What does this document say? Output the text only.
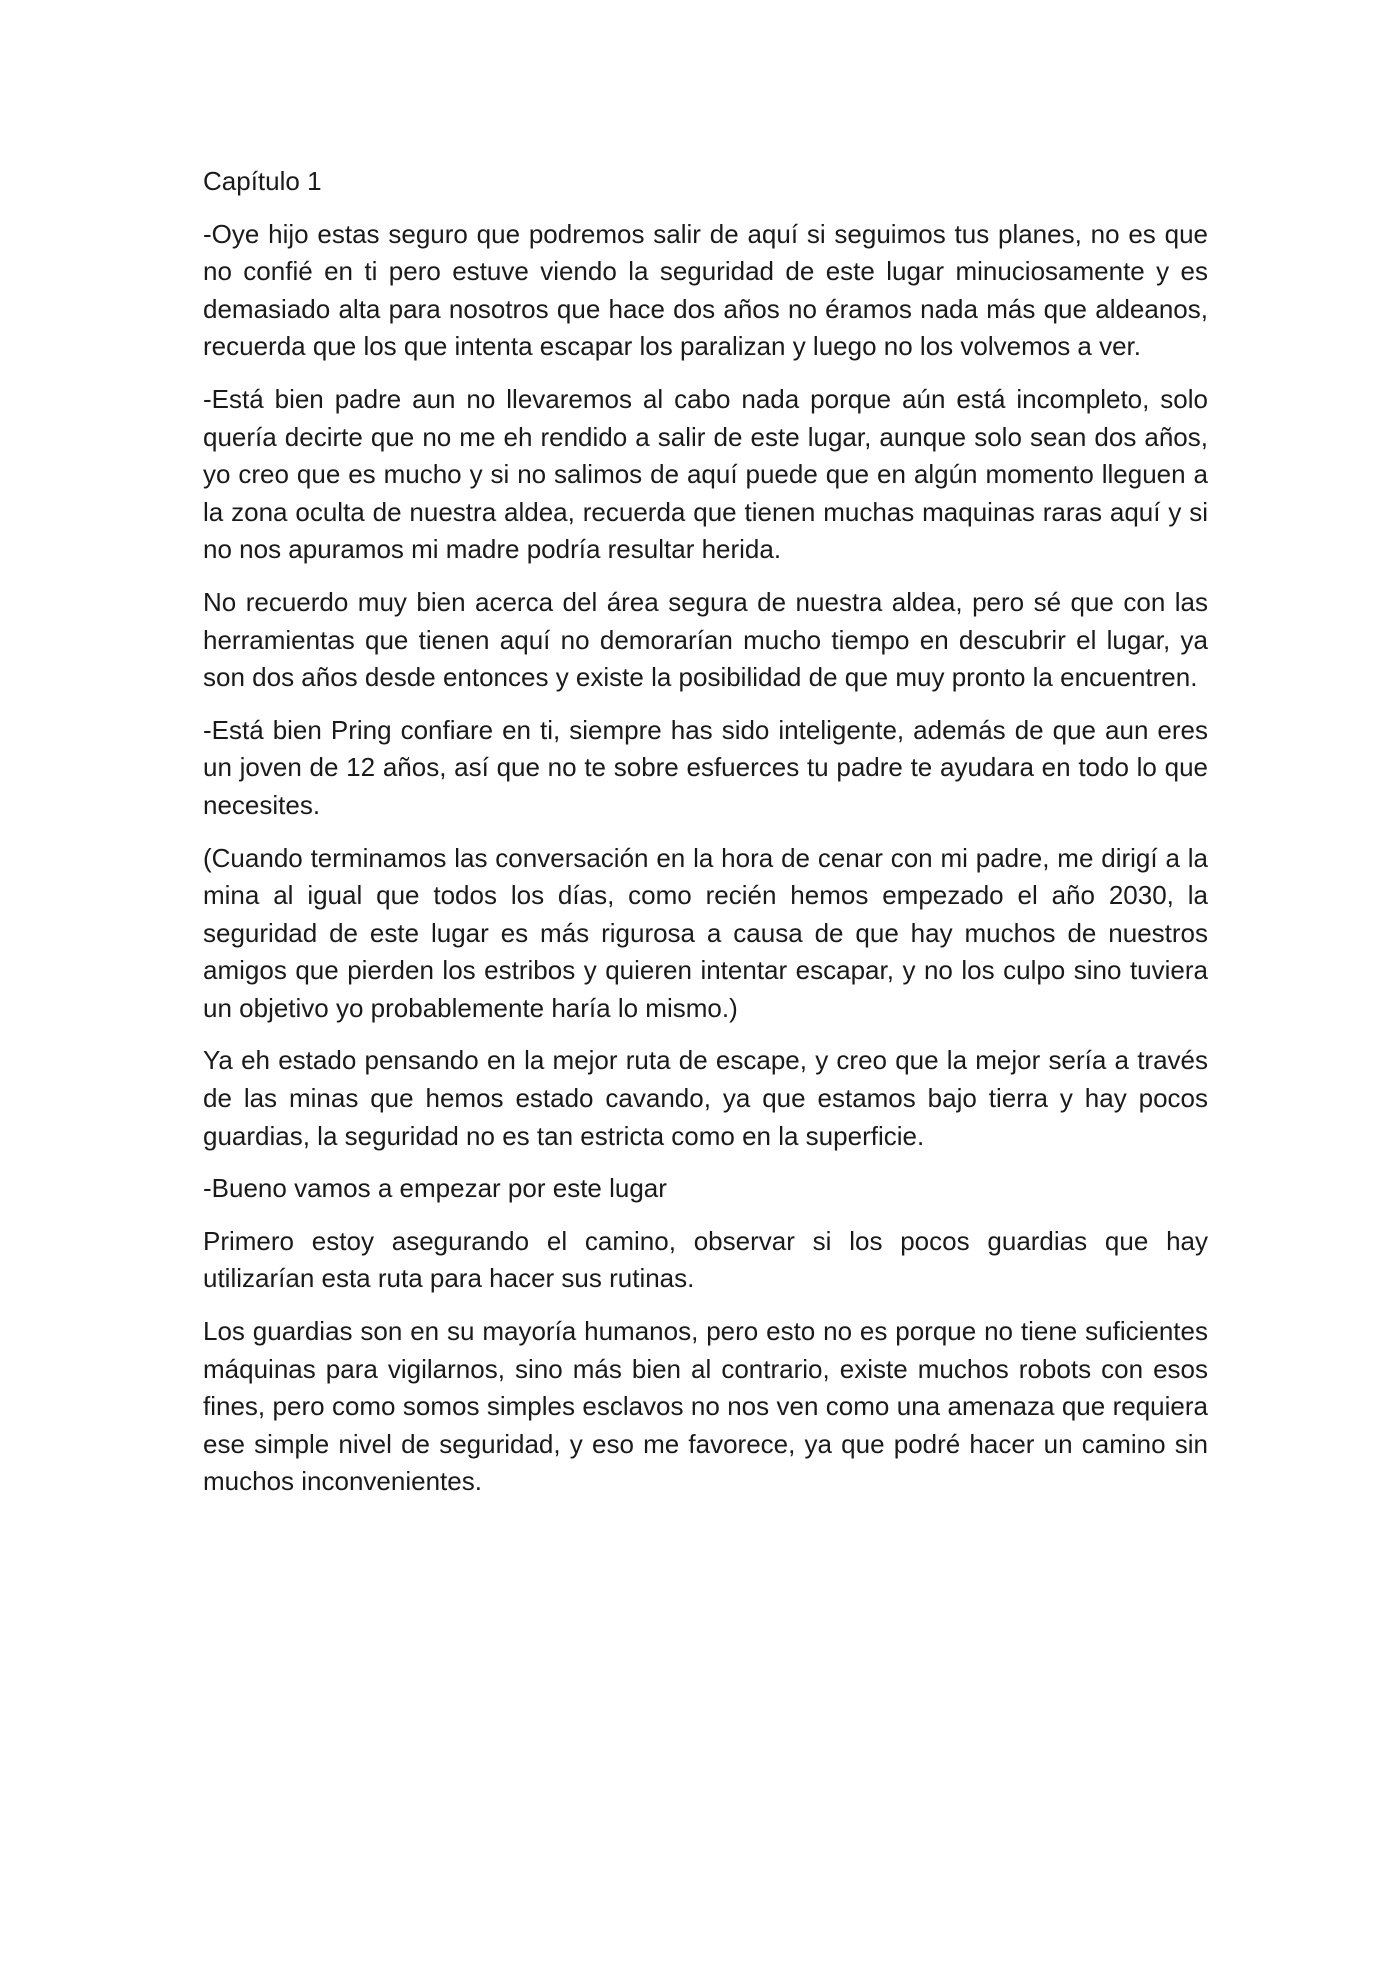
Capítulo 1

-Oye hijo estas seguro que podremos salir de aquí si seguimos tus planes, no es que no confié en ti pero estuve viendo la seguridad de este lugar minuciosamente y es demasiado alta para nosotros que hace dos años no éramos nada más que aldeanos, recuerda que los que intenta escapar los paralizan y luego no los volvemos a ver.

-Está bien padre aun no llevaremos al cabo nada porque aún está incompleto, solo quería decirte que no me eh rendido a salir de este lugar, aunque solo sean dos años, yo creo que es mucho y si no salimos de aquí puede que en algún momento lleguen a la zona oculta de nuestra aldea, recuerda que tienen muchas maquinas raras aquí y si no nos apuramos mi madre podría resultar herida.

No recuerdo muy bien acerca del área segura de nuestra aldea, pero sé que con las herramientas que tienen aquí no demorarían mucho tiempo en descubrir el lugar, ya son dos años desde entonces y existe la posibilidad de que muy pronto la encuentren.

-Está bien Pring confiare en ti, siempre has sido inteligente, además de que aun eres un joven de 12 años, así que no te sobre esfuerces tu padre te ayudara en todo lo que necesites.

(Cuando terminamos las conversación en la hora de cenar con mi padre, me dirigí a la mina al igual que todos los días, como recién hemos empezado el año 2030, la seguridad de este lugar es más rigurosa a causa de que hay muchos de nuestros amigos que pierden los estribos y quieren intentar escapar, y no los culpo sino tuviera un objetivo yo probablemente haría lo mismo.)

Ya eh estado pensando en la mejor ruta de escape, y creo que la mejor sería a través de las minas que hemos estado cavando, ya que estamos bajo tierra y hay pocos guardias, la seguridad no es tan estricta como en la superficie.

-Bueno vamos a empezar por este lugar

Primero estoy asegurando el camino, observar si los pocos guardias que hay utilizarían esta ruta para hacer sus rutinas.

Los guardias son en su mayoría humanos, pero esto no es porque no tiene suficientes máquinas para vigilarnos, sino más bien al contrario, existe muchos robots con esos fines, pero como somos simples esclavos no nos ven como una amenaza que requiera ese simple nivel de seguridad, y eso me favorece, ya que podré hacer un camino sin muchos inconvenientes.
